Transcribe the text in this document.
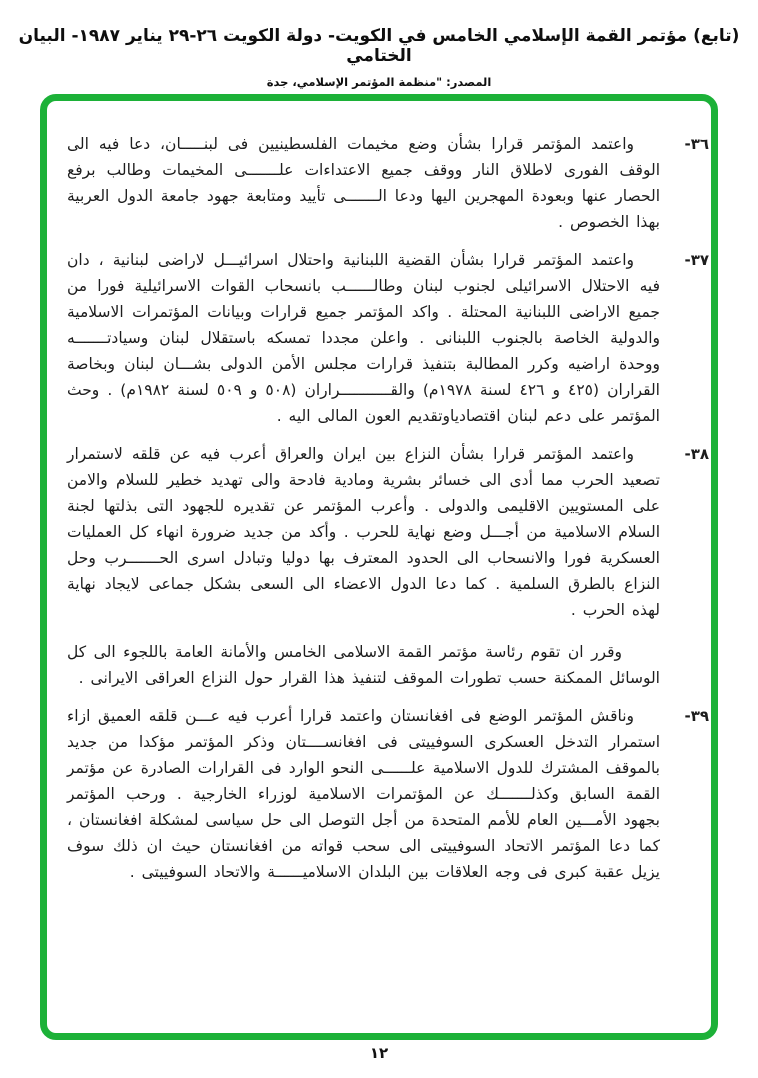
(تابع) مؤتمر القمة الإسلامي الخامس في الكويت- دولة الكويت ٢٦-٢٩ يناير ١٩٨٧- البيان الختامي
المصدر: "منظمة المؤتمر الإسلامي، جدة
٣٦-
واعتمد المؤتمر قرارا بشأن وضع مخيمات الفلسطينيين فى لبنـــــان، دعا فيه الى الوقف الفورى لاطلاق النار ووقف جميع الاعتداءات علـــــــى المخيمات وطالب برفع الحصار عنها وبعودة المهجرين اليها ودعا الـــــــى تأييد ومتابعة جهود جامعة الدول العربية بهذا الخصوص .
٣٧-
واعتمد المؤتمر قرارا بشأن القضية اللبنانية واحتلال اسرائيـــل لاراضى لبنانية ، دان فيه الاحتلال الاسرائيلى لجنوب لبنان وطالــــــب بانسحاب القوات الاسرائيلية فورا من جميع الاراضى اللبنانية المحتلة . واكد المؤتمر جميع قرارات وبيانات المؤتمرات الاسلامية والدولية الخاصة بالجنوب اللبنانى . واعلن مجددا تمسكه باستقلال لبنان وسيادتـــــــه ووحدة اراضيه وكرر المطالبة بتنفيذ قرارات مجلس الأمن الدولى بشـــان لبنان وبخاصة القراران (٤٢٥ و ٤٢٦ لسنة ١٩٧٨م) والقـــــــــــراران (٥٠٨ و ٥٠٩ لسنة ١٩٨٢م) . وحث المؤتمر على دعم لبنان اقتصادياوتقديم العون المالى اليه .
٣٨-
واعتمد المؤتمر قرارا بشأن النزاع بين ايران والعراق أعرب فيه عن قلقه لاستمرار تصعيد الحرب مما أدى الى خسائر بشرية ومادية فادحة والى تهديد خطير للسلام والامن على المستويين الاقليمى والدولى . وأعرب المؤتمر عن تقديره للجهود التى بذلتها لجنة السلام الاسلامية من أجـــل وضع نهاية للحرب . وأكد من جديد ضرورة انهاء كل العمليات العسكرية فورا والانسحاب الى الحدود المعترف بها دوليا وتبادل اسرى الحـــــــرب وحل النزاع بالطرق السلمية . كما دعا الدول الاعضاء الى السعى بشكل جماعى لايجاد نهاية لهذه الحرب .
وقرر ان تقوم رئاسة مؤتمر القمة الاسلامى الخامس والأمانة العامة باللجوء الى كل الوسائل الممكنة حسب تطورات الموقف لتنفيذ هذا القرار حول النزاع العراقى الايرانى .
٣٩-
وناقش المؤتمر الوضع فى افغانستان واعتمد قرارا أعرب فيه عـــن قلقه العميق ازاء استمرار التدخل العسكرى السوفييتى فى افغانســــتان وذكر المؤتمر مؤكدا من جديد بالموقف المشترك للدول الاسلامية علــــــى النحو الوارد فى القرارات الصادرة عن مؤتمر القمة السابق وكذلـــــــك عن المؤتمرات الاسلامية لوزراء الخارجية . ورحب المؤتمر بجهود الأمـــين العام للأمم المتحدة من أجل التوصل الى حل سياسى لمشكلة افغانستان ، كما دعا المؤتمر الاتحاد السوفييتى الى سحب قواته من افغانستان حيث ان ذلك سوف يزيل عقبة كبرى فى وجه العلاقات بين البلدان الاسلاميــــــة والاتحاد السوفييتى .
١٢
